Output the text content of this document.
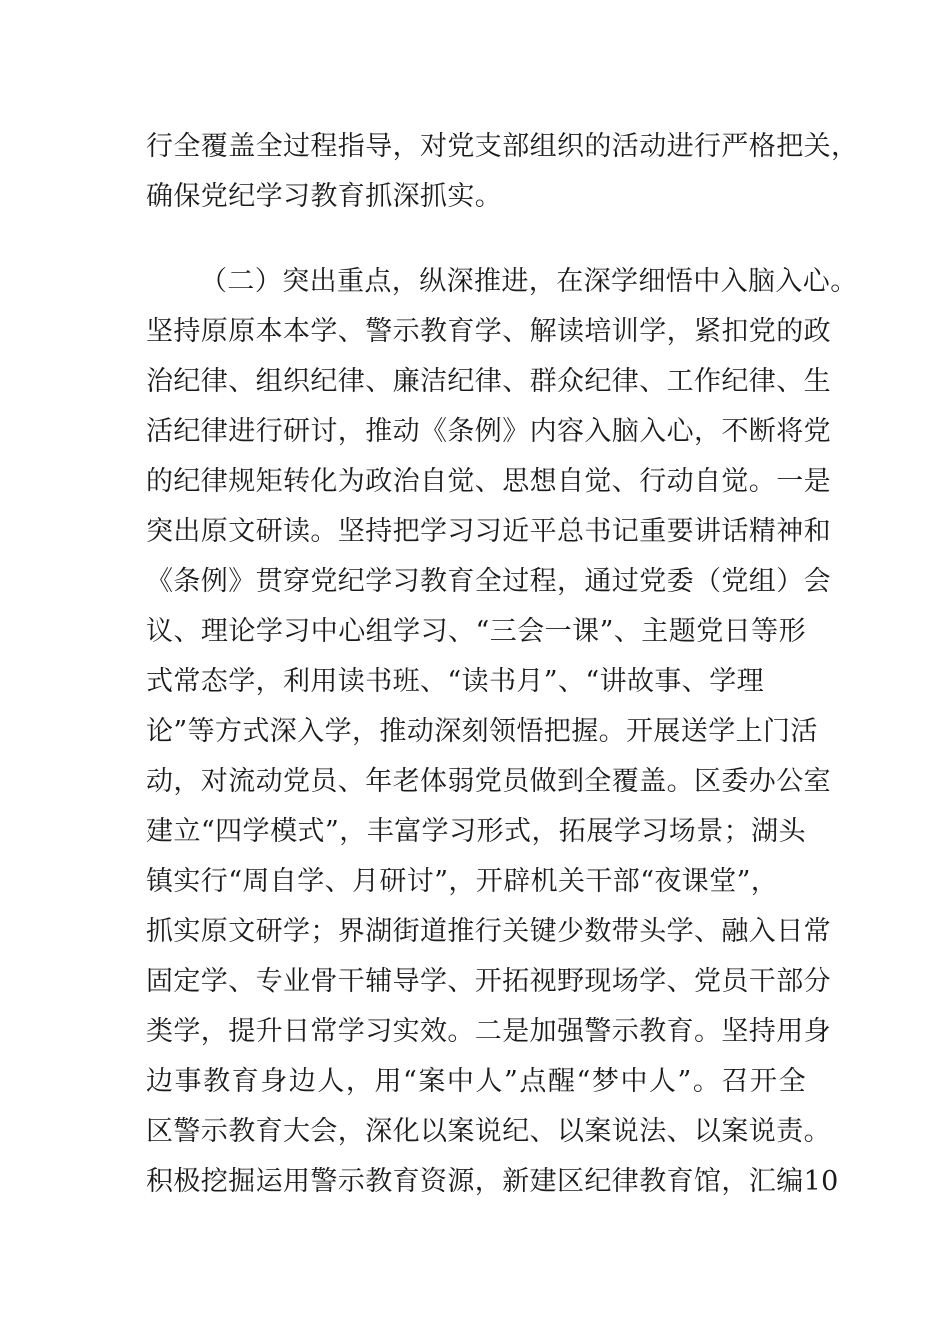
行全覆盖全过程指导，对党支部组织的活动进行严格把关，
确保党纪学习教育抓深抓实。
（二）突出重点，纵深推进，在深学细悟中入脑入心。
坚持原原本本学、警示教育学、解读培训学，紧扣党的政
治纪律、组织纪律、廉洁纪律、群众纪律、工作纪律、生
活纪律进行研讨，推动《条例》内容入脑入心，不断将党
的纪律规矩转化为政治自觉、思想自觉、行动自觉。一是
突出原文研读。坚持把学习习近平总书记重要讲话精神和
《条例》贯穿党纪学习教育全过程，通过党委（党组）会
议、理论学习中心组学习、“三会一课”、主题党日等形
式常态学，利用读书班、“读书月”、“讲故事、学理
论”等方式深入学，推动深刻领悟把握。开展送学上门活
动，对流动党员、年老体弱党员做到全覆盖。区委办公室
建立“四学模式”，丰富学习形式，拓展学习场景；湖头
镇实行“周自学、月研讨”，开辟机关干部“夜课堂”，
抓实原文研学；界湖街道推行关键少数带头学、融入日常
固定学、专业骨干辅导学、开拓视野现场学、党员干部分
类学，提升日常学习实效。二是加强警示教育。坚持用身
边事教育身边人，用“案中人”点醒“梦中人”。召开全
区警示教育大会，深化以案说纪、以案说法、以案说责。
积极挖掘运用警示教育资源，新建区纪律教育馆，汇编10
